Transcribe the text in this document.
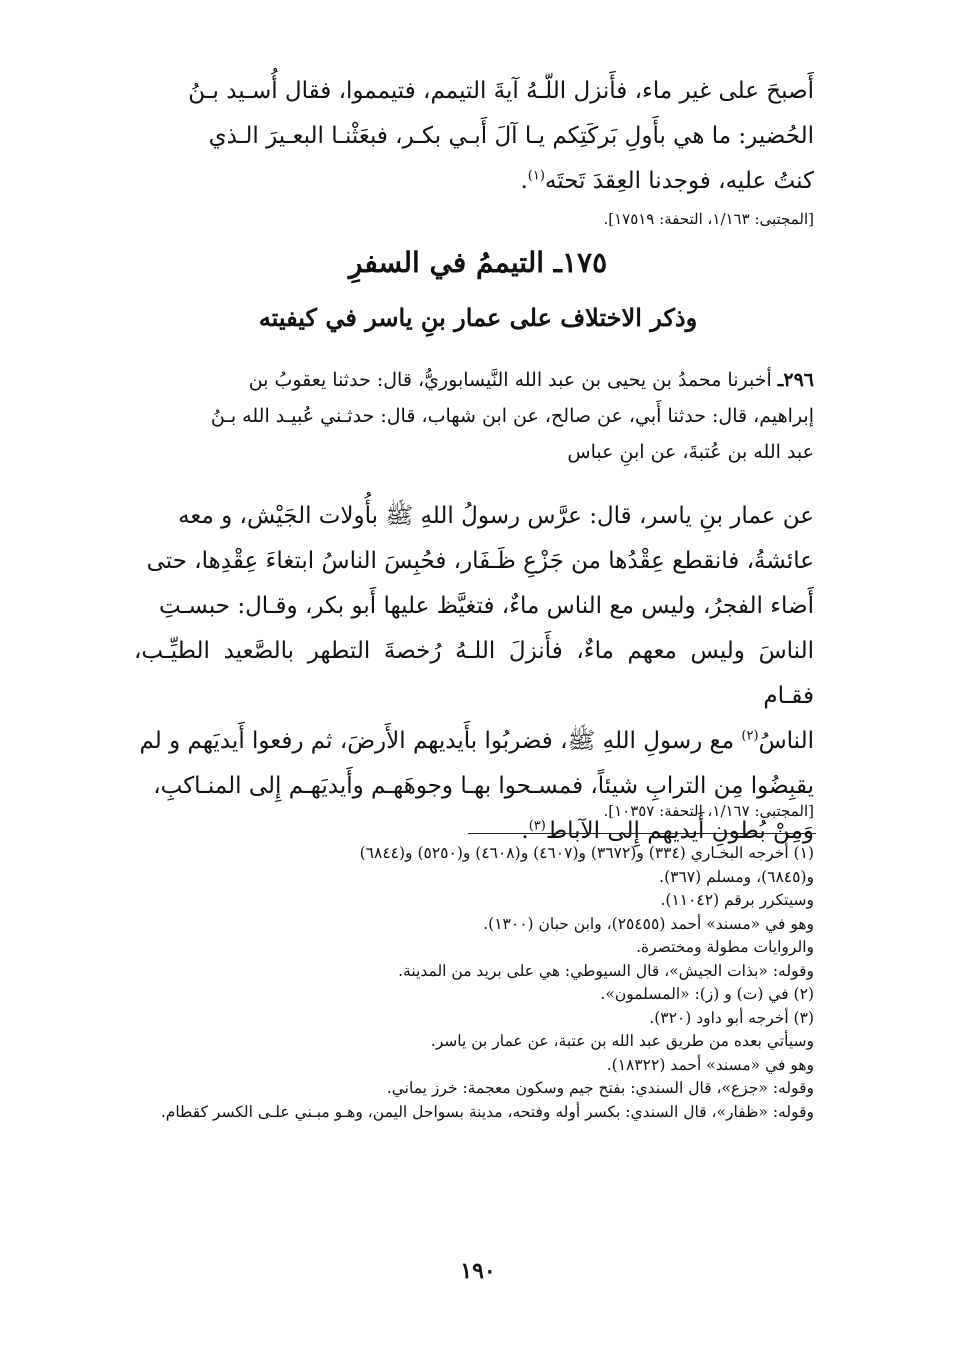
أَصبحَ على غير ماء، فأَنزل اللّـهُ آيةَ التيمم، فتيمموا، فقال أُسـيد بـنُ

الحُضير: ما هي بأَولِ بَركَتِكم يـا آلَ أَبـي بكـر، فبعَثْنـا البعـيرَ الـذي

كنتُ عليه، فوجدنا العِقدَ تَحتَه$^{(١)}$.

[المجتبى: ١/١٦٣، التحفة: ١٧٥١٩].
١٧٥ـ التيممُ في السفرِ
وذكر الاختلاف على عمار بنِ ياسر في كيفيته

٢٩٦ـ أخبرنا محمدُ بن يحيى بن عبد الله النَّيسابوريُّ، قال: حدثنا يعقوبُ بن

إبراهيم، قال: حدثنا أَبي، عن صالح، عن ابن شهاب، قال: حدثـني عُبيـد الله بـنُ

عبد الله بن عُتبةَ، عن ابنِ عباس

عن عمار بنِ ياسر، قال: عرَّس رسولُ اللهِ ﷺ بأُولات الجَيْش، و معه

عائشةُ، فانقطع عِقْدُها من جَزْعِ ظَـفَار، فحُبِسَ الناسُ ابتغاءَ عِقْدِها، حتى

أَضاء الفجرُ، وليس مع الناس ماءٌ، فتغيَّظ عليها أَبو بكر، وقـال: حبسـتِ

الناسَ وليس معهم ماءٌ، فأَنزلَ اللـهُ رُخصةَ التطهر بالصَّعيد الطيِّـب، فقـام

الناسُ$^{(٢)}$ مع رسولِ اللهِ ﷺ، فضربُوا بأَيديهم الأَرضَ، ثم رفعوا أَيديَهم و لم

يقبِضُوا مِن الترابِ شيئاً، فمسـحوا بهـا وجوهَهـم وأَيديَهـم إِلى المنـاكبِ،

وَمِنْ بُطونِ أَيديهم إِلى الآباط$^{(٣)}$.

[المجتبى: ١/١٦٧، التحفة: ١٠٣٥٧].
(١) أخرجه البخـاري (٣٣٤) و(٣٦٧٢) و(٤٦٠٧) و(٤٦٠٨) و(٥٢٥٠) و(٦٨٤٤)
و(٦٨٤٥)، ومسلم (٣٦٧).
وسيتكرر برقم (١١٠٤٢).
وهو في «مسند» أحمد (٢٥٤٥٥)، وابن حبان (١٣٠٠).
والروايات مطولة ومختصرة.
وقوله: «بذات الجيش»، قال السيوطي: هي على بريد من المدينة.
(٢) في (ت) و (ز): «المسلمون».
(٣) أخرجه أبو داود (٣٢٠).
وسيأتي بعده من طريق عبد الله بن عتبة، عن عمار بن ياسر.
وهو في «مسند» أحمد (١٨٣٢٢).
وقوله: «جزع»، قال السندي: بفتح جيم وسكون معجمة: خرز يماني.
وقوله: «ظفار»، قال السندي: بكسر أوله وفتحه، مدينة بسواحل اليمن، وهـو مبـني علـى الكسر كقطام.
١٩٠
